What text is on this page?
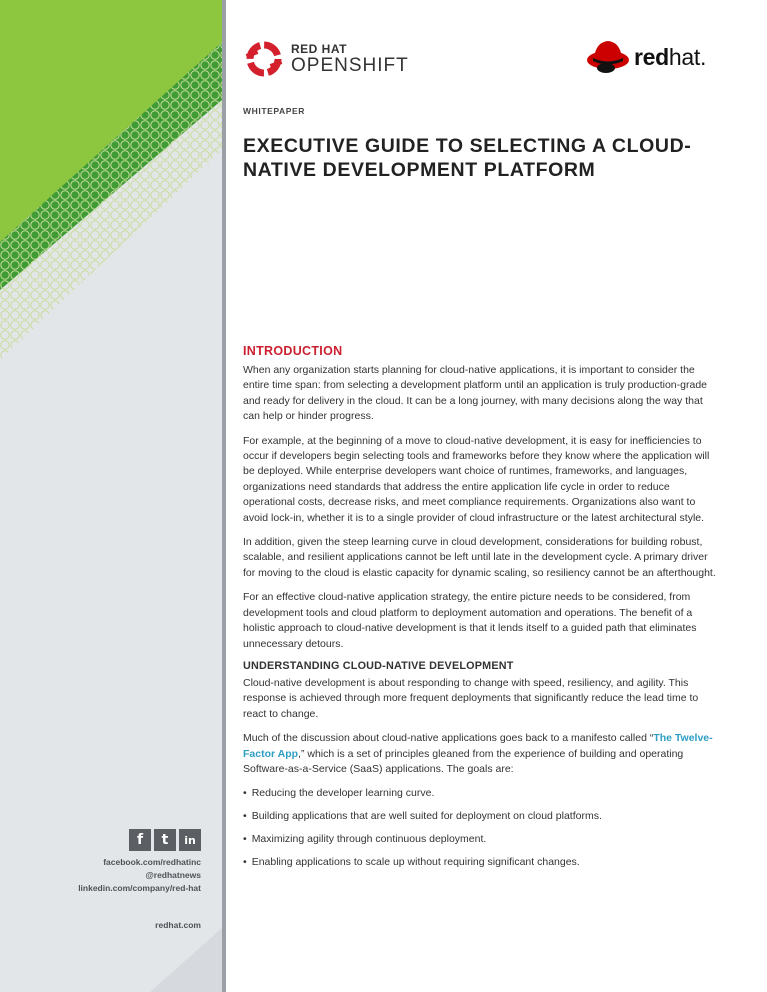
f	t	in
facebook.com/redhatinc
@redhatnews
linkedin.com/company/red-hat
redhat.com
RED HAT
OPENSHIFT	redhat.
WHITEPAPER
EXECUTIVE GUIDE TO SELECTING A CLOUD-NATIVE DEVELOPMENT PLATFORM
INTRODUCTION

When any organization starts planning for cloud-native applications, it is important to consider the entire time span: from selecting a development platform until an application is truly production-grade and ready for delivery in the cloud. It can be a long journey, with many decisions along the way that can help or hinder progress.

For example, at the beginning of a move to cloud-native development, it is easy for inefficiencies to occur if developers begin selecting tools and frameworks before they know where the application will be deployed. While enterprise developers want choice of runtimes, frameworks, and languages, organizations need standards that address the entire application life cycle in order to reduce operational costs, decrease risks, and meet compliance requirements. Organizations also want to avoid lock-in, whether it is to a single provider of cloud infrastructure or the latest architectural style.

In addition, given the steep learning curve in cloud development, considerations for building robust, scalable, and resilient applications cannot be left until late in the development cycle. A primary driver for moving to the cloud is elastic capacity for dynamic scaling, so resiliency cannot be an afterthought.

For an effective cloud-native application strategy, the entire picture needs to be considered, from development tools and cloud platform to deployment automation and operations. The benefit of a holistic approach to cloud-native development is that it lends itself to a guided path that eliminates unnecessary detours.

UNDERSTANDING CLOUD-NATIVE DEVELOPMENT

Cloud-native development is about responding to change with speed, resiliency, and agility. This response is achieved through more frequent deployments that significantly reduce the lead time to react to change.

Much of the discussion about cloud-native applications goes back to a manifesto called “The Twelve-Factor App,” which is a set of principles gleaned from the experience of building and operating Software-as-a-Service (SaaS) applications. The goals are:

• Reducing the developer learning curve.
• Building applications that are well suited for deployment on cloud platforms.
• Maximizing agility through continuous deployment.
• Enabling applications to scale up without requiring significant changes.
